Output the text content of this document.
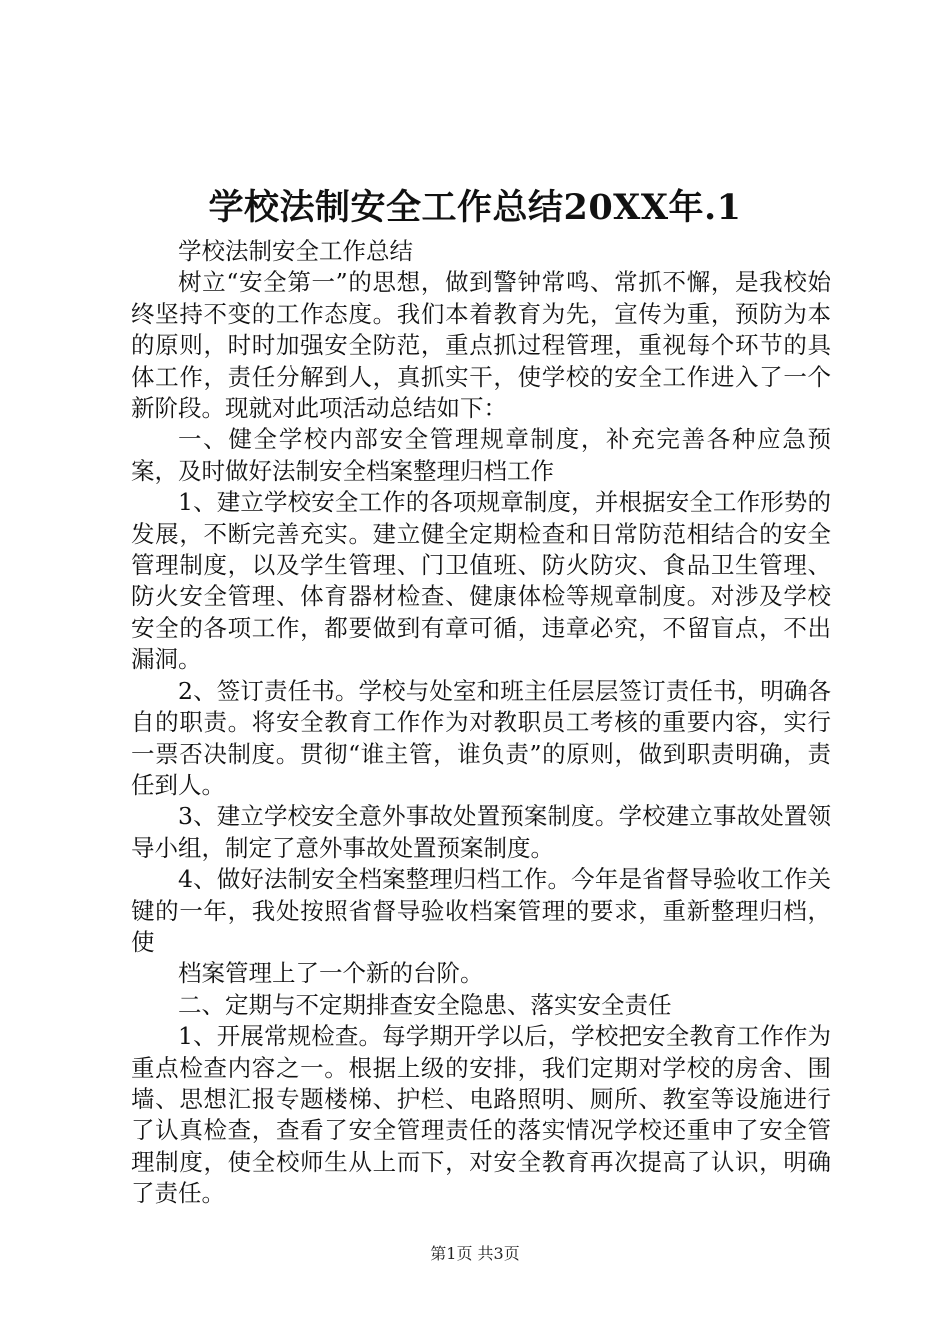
学校法制安全工作总结20XX年.1

学校法制安全工作总结

树立“安全第一”的思想，做到警钟常鸣、常抓不懈，是我校始终坚持不变的工作态度。我们本着教育为先，宣传为重，预防为本的原则，时时加强安全防范，重点抓过程管理，重视每个环节的具体工作，责任分解到人，真抓实干，使学校的安全工作进入了一个新阶段。现就对此项活动总结如下：

一、健全学校内部安全管理规章制度，补充完善各种应急预案，及时做好法制安全档案整理归档工作

1、建立学校安全工作的各项规章制度，并根据安全工作形势的发展，不断完善充实。建立健全定期检查和日常防范相结合的安全管理制度，以及学生管理、门卫值班、防火防灾、食品卫生管理、防火安全管理、体育器材检查、健康体检等规章制度。对涉及学校安全的各项工作，都要做到有章可循，违章必究，不留盲点，不出漏洞。

2、签订责任书。学校与处室和班主任层层签订责任书，明确各自的职责。将安全教育工作作为对教职员工考核的重要内容，实行一票否决制度。贯彻“谁主管，谁负责”的原则，做到职责明确，责任到人。

3、建立学校安全意外事故处置预案制度。学校建立事故处置领导小组，制定了意外事故处置预案制度。

4、做好法制安全档案整理归档工作。今年是省督导验收工作关键的一年，我处按照省督导验收档案管理的要求，重新整理归档，使

档案管理上了一个新的台阶。

二、定期与不定期排查安全隐患、落实安全责任

1、开展常规检查。每学期开学以后，学校把安全教育工作作为重点检查内容之一。根据上级的安排，我们定期对学校的房舍、围墙、思想汇报专题楼梯、护栏、电路照明、厕所、教室等设施进行了认真检查，查看了安全管理责任的落实情况学校还重申了安全管理制度，使全校师生从上而下，对安全教育再次提高了认识，明确了责任。

第1页 共3页
